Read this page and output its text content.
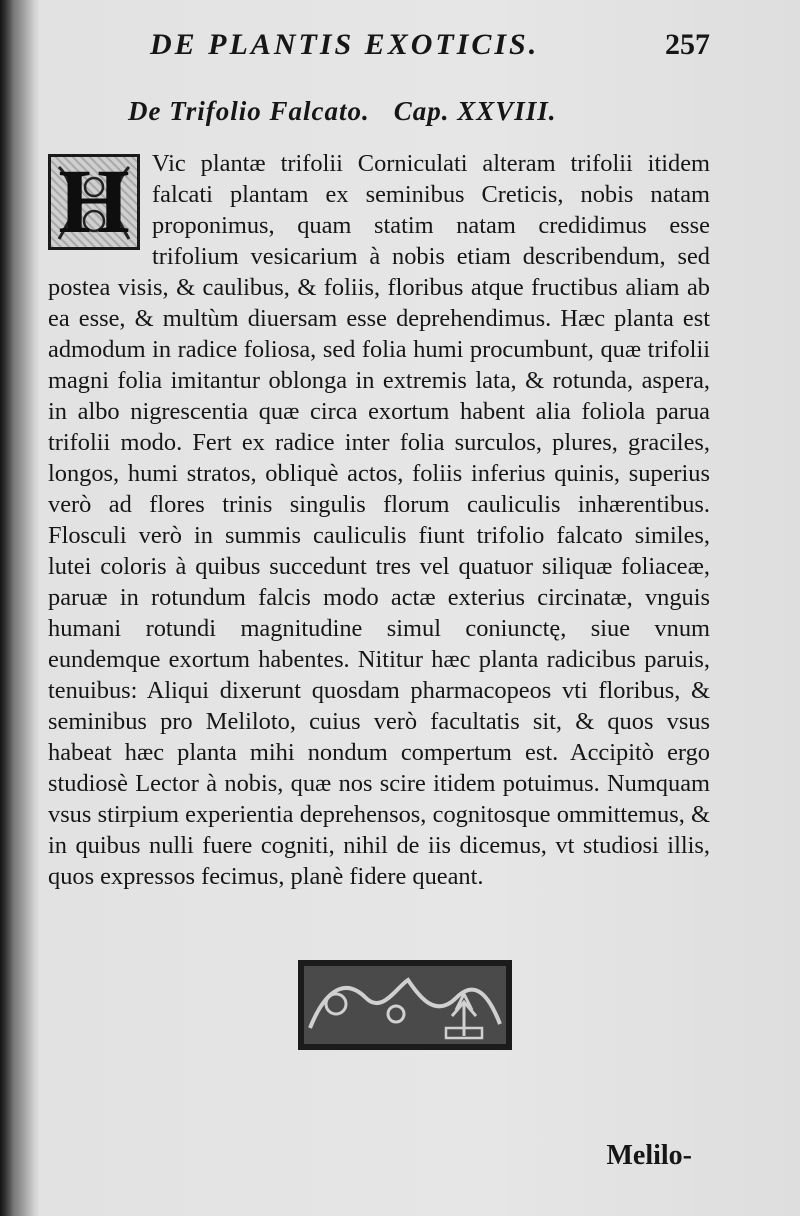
DE PLANTIS EXOTICIS.	257
De Trifolio Falcato. Cap. XXVIII.
H Vic plantæ trifolii Corniculati alteram trifolii itidem falcati plantam ex seminibus Creticis, nobis natam proponimus, quam statim natam credidimus esse trifolium vesicarium à nobis etiam describendum, sed postea visis, & caulibus, & foliis, floribus atque fructibus aliam ab ea esse, & multùm diuersam esse deprehendimus. Hæc planta est admodum in radice foliosa, sed folia humi procumbunt, quæ trifolii magni folia imitantur oblonga in extremis lata, & rotunda, aspera, in albo nigrescentia quæ circa exortum habent alia foliola parua trifolii modo. Fert ex radice inter folia surculos, plures, graciles, longos, humi stratos, obliquè actos, foliis inferius quinis, superius verò ad flores trinis singulis florum cauliculis inhærentibus. Flosculi verò in summis cauliculis fiunt trifolio falcato similes, lutei coloris à quibus succedunt tres vel quatuor siliquæ foliaceæ, paruæ in rotundum falcis modo actæ exterius circinatæ, vnguis humani rotundi magnitudine simul coniunctę, siue vnum eundemque exortum habentes. Nititur hæc planta radicibus paruis, tenuibus: Aliqui dixerunt quosdam pharmacopeos vti floribus, & seminibus pro Meliloto, cuius verò facultatis sit, & quos vsus habeat hæc planta mihi nondum compertum est. Accipitò ergo studiosè Lector à nobis, quæ nos scire itidem potuimus. Numquam vsus stirpium experientia deprehensos, cognitosque ommittemus, & in quibus nulli fuere cogniti, nihil de iis dicemus, vt studiosi illis, quos expressos fecimus, planè fidere queant.
Melilo-
